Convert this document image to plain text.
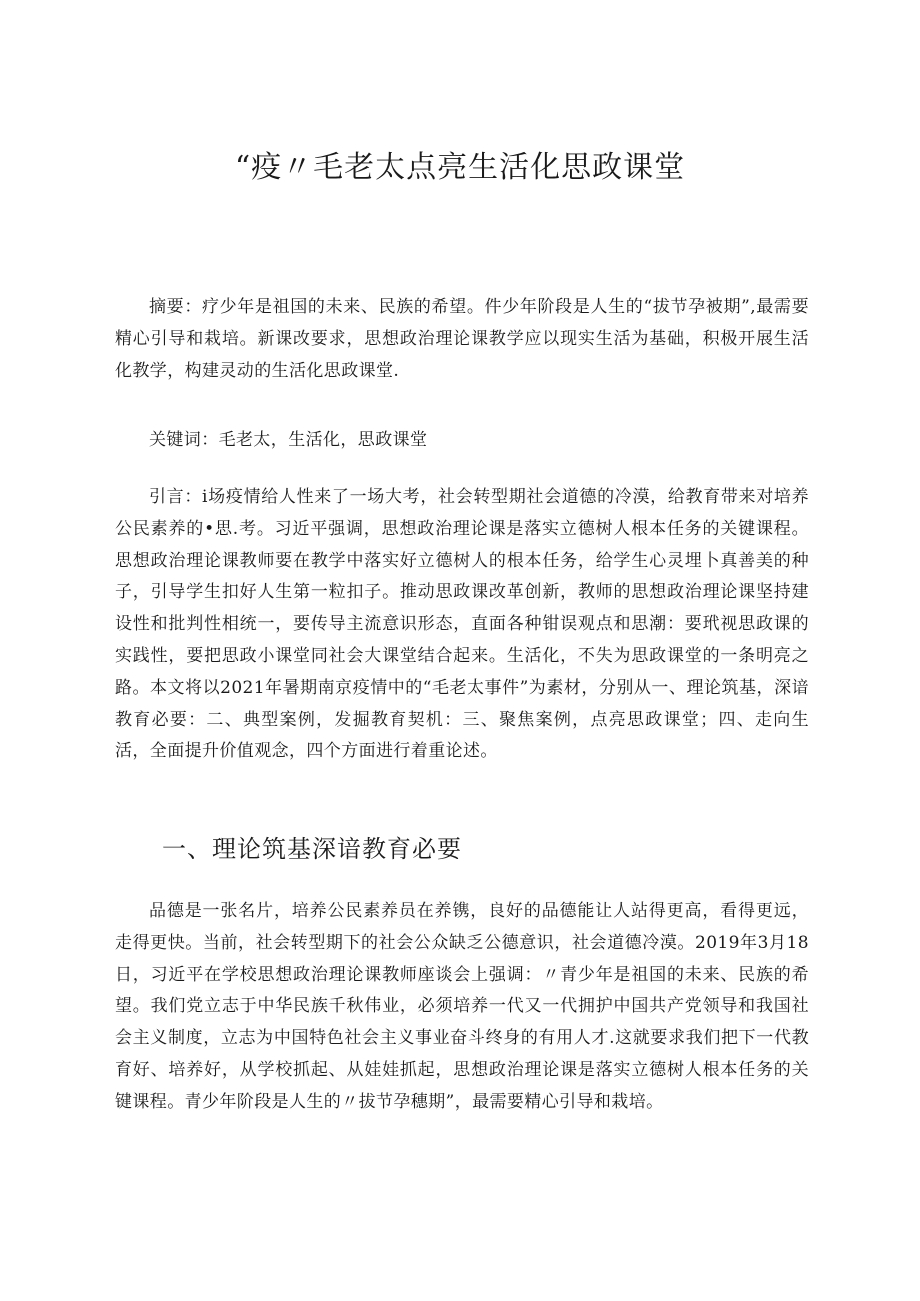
“疫〃毛老太点亮生活化思政课堂

摘要：疗少年是祖国的未来、民族的希望。件少年阶段是人生的“拔节孕被期”,最需要精心引导和栽培。新课改要求，思想政治理论课教学应以现实生活为基础，积极开展生活化教学，构建灵动的生活化思政课堂.

关键词：毛老太，生活化，思政课堂

引言：i场疫情给人性来了一场大考，社会转型期社会道德的冷漠，给教育带来对培养公民素养的•思.考。习近平强调，思想政治理论课是落实立德树人根本任务的关键课程。思想政治理论课教师要在教学中落实好立德树人的根本任务，给学生心灵埋卜真善美的种子，引导学生扣好人生第一粒扣子。推动思政课改革创新，教师的思想政治理论课坚持建设性和批判性相统一，要传导主流意识形态，直面各种钳误观点和思潮：要玳视思政课的实践性，要把思政小课堂同社会大课堂结合起来。生活化，不失为思政课堂的一条明亮之路。本文将以2021年暑期南京疫情中的“毛老太事件”为素材，分别从一、理论筑基，深谙教育必要：二、典型案例，发掘教育契机：三、聚焦案例，点亮思政课堂；四、走向生活，全面提升价值观念，四个方面进行着重论述。

一、理论筑基深谙教育必要

品德是一张名片，培养公民素养员在养镌，良好的品德能让人站得更高，看得更远，走得更快。当前，社会转型期下的社会公众缺乏公德意识，社会道德冷漠。2019年3月18日，习近平在学校思想政治理论课教师座谈会上强调：〃青少年是祖国的未来、民族的希望。我们党立志于中华民族千秋伟业，必须培养一代又一代拥护中国共产党领导和我国社会主义制度，立志为中国特色社会主义事业奋斗终身的有用人才.这就要求我们把下一代教育好、培养好，从学校抓起、从娃娃抓起，思想政治理论课是落实立德树人根本任务的关键课程。青少年阶段是人生的〃拔节孕穗期”，最需要精心引导和栽培。
